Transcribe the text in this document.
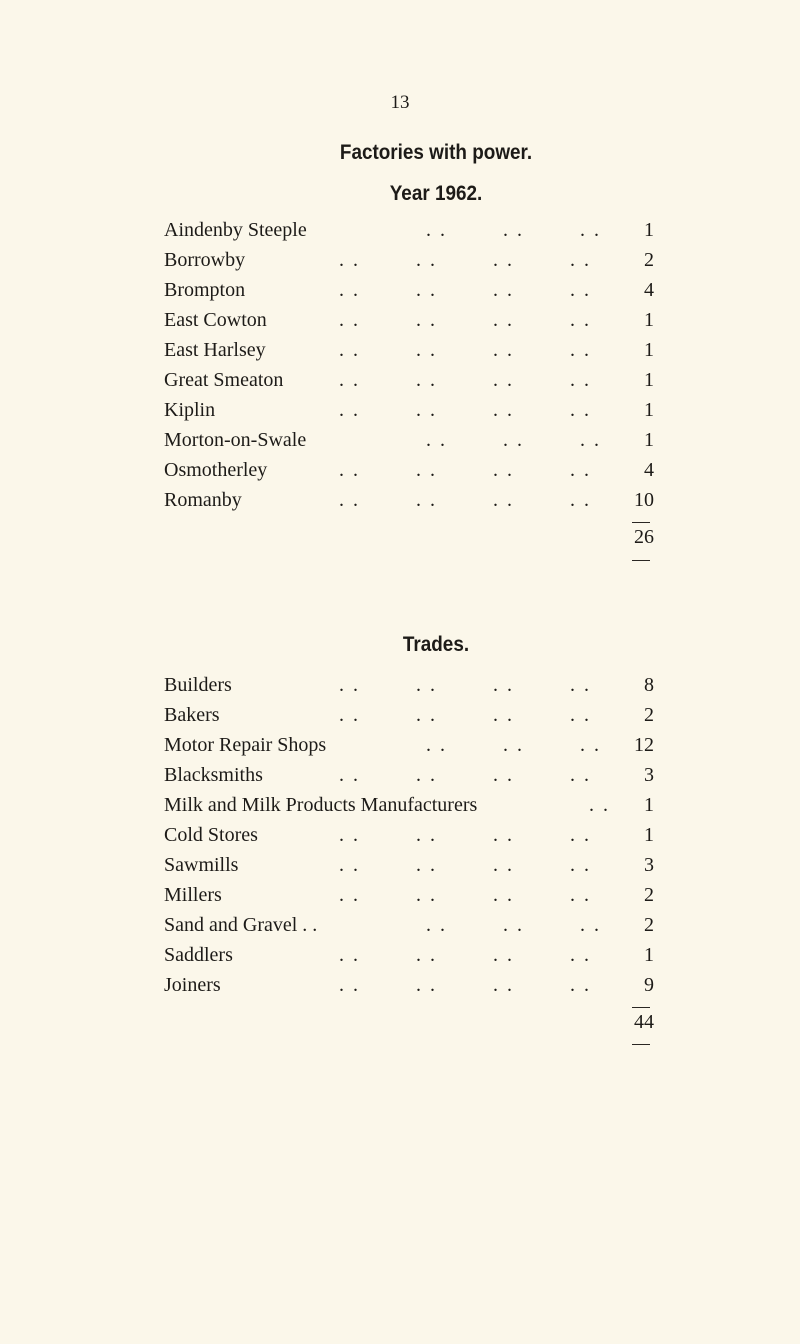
13
Factories with power.
Year 1962.
Aindenby Steeple	. .        . .        . .	1
Borrowby	. .        . .        . .        . .	2
Brompton	. .        . .        . .        . .	4
East Cowton	. .        . .        . .        . .	1
East Harlsey	. .        . .        . .        . .	1
Great Smeaton	. .        . .        . .        . .	1
Kiplin	. .        . .        . .        . .	1
Morton-on-Swale	. .        . .        . .	1
Osmotherley	. .        . .        . .        . .	4
Romanby	. .        . .        . .        . .	10
26
Trades.
Builders	. .        . .        . .        . .	8
Bakers	. .        . .        . .        . .	2
Motor Repair Shops	. .        . .        . .	12
Blacksmiths	. .        . .        . .        . .	3
Milk and Milk Products Manufacturers	. .	1
Cold Stores	. .        . .        . .        . .	1
Sawmills	. .        . .        . .        . .	3
Millers	. .        . .        . .        . .	2
Sand and Gravel . .	. .        . .        . .	2
Saddlers	. .        . .        . .        . .	1
Joiners	. .        . .        . .        . .	9
44
